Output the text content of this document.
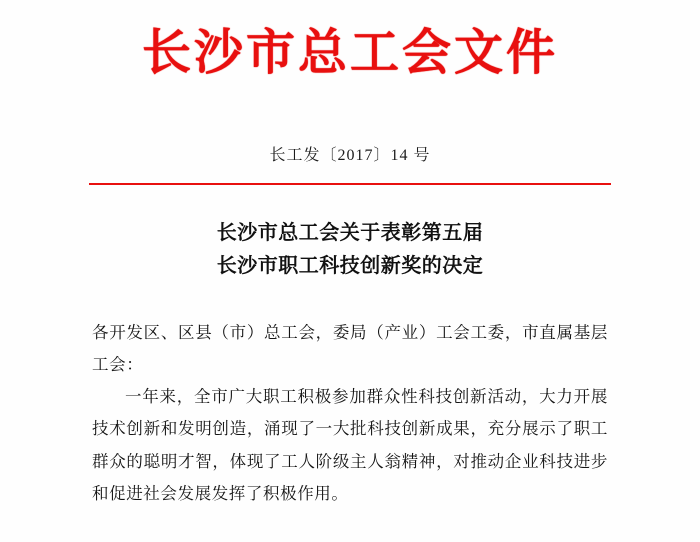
长沙市总工会文件
长工发〔2017〕14 号
长沙市总工会关于表彰第五届
长沙市职工科技创新奖的决定

各开发区、区县（市）总工会，委局（产业）工会工委，市直属基层工会：

一年来，全市广大职工积极参加群众性科技创新活动，大力开展技术创新和发明创造，涌现了一大批科技创新成果，充分展示了职工群众的聪明才智，体现了工人阶级主人翁精神，对推动企业科技进步和促进社会发展发挥了积极作用。
